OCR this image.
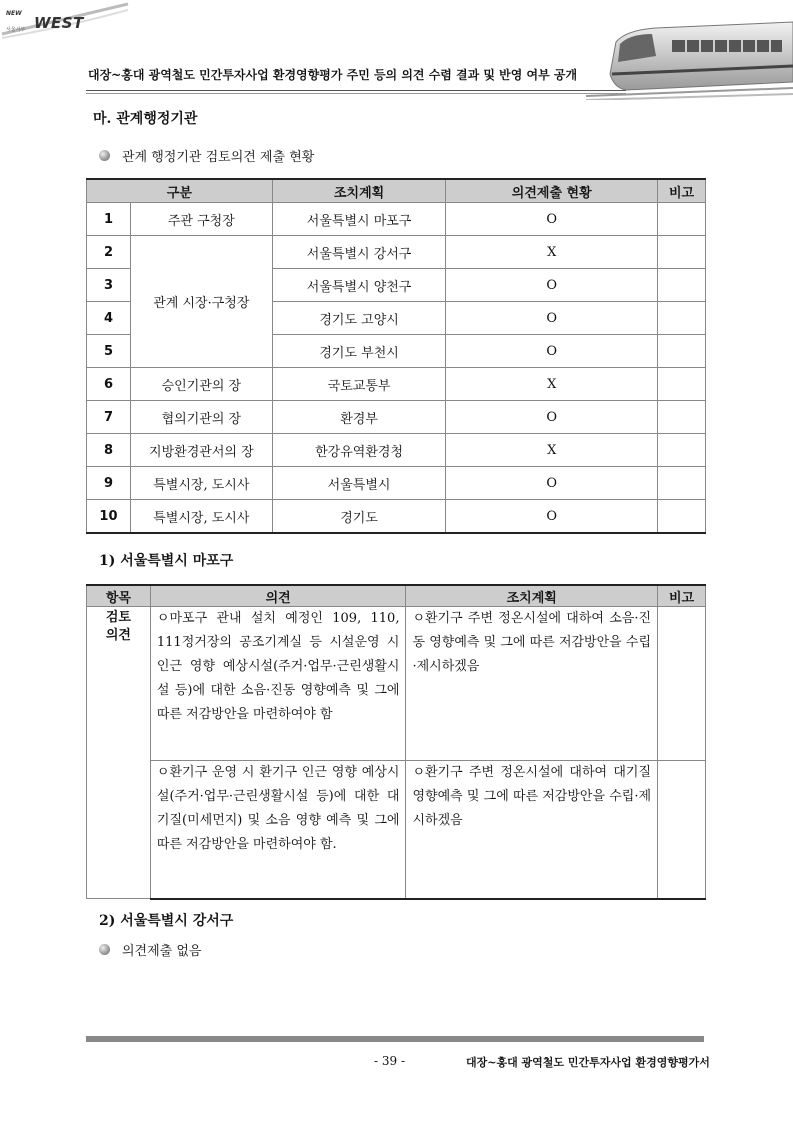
NEW
WEST
서울서부
대장~홍대 광역철도 민간투자사업 환경영향평가 주민 등의 의견 수렴 결과 및 반영 여부 공개
마. 관계행정기관
관계 행정기관 검토의견 제출 현황
구분		조치계획	의견제출 현황	비고
1	주관 구청장	서울특별시 마포구	O	
2	관계 시장·구청장	서울특별시 강서구	X	
3		서울특별시 양천구	O	
4		경기도 고양시	O	
5		경기도 부천시	O	
6	승인기관의 장	국토교통부	X	
7	협의기관의 장	환경부	O	
8	지방환경관서의 장	한강유역환경청	X	
9	특별시장, 도시사	서울특별시	O	
10	특별시장, 도시사	경기도	O	
1) 서울특별시 마포구
항목	의견	조치계획	비고
검토
의견	ㅇ마포구 관내 설치 예정인 109, 110, 111정거장의 공조기계실 등 시설운영 시 인근 영향 예상시설(주거·업무·근린생활시설 등)에 대한 소음·진동 영향예측 및 그에 따른 저감방안을 마련하여야 함	ㅇ환기구 주변 정온시설에 대하여 소음·진동 영향예측 및 그에 따른 저감방안을 수립·제시하겠음	
	ㅇ환기구 운영 시 환기구 인근 영향 예상시설(주거·업무·근린생활시설 등)에 대한 대기질(미세먼지) 및 소음 영향 예측 및 그에 따른 저감방안을 마련하여야 함.	ㅇ환기구 주변 정온시설에 대하여 대기질 영향예측 및 그에 따른 저감방안을 수립·제시하겠음	
2) 서울특별시 강서구
의견제출 없음
- 39 -	대장~홍대 광역철도 민간투자사업 환경영향평가서
